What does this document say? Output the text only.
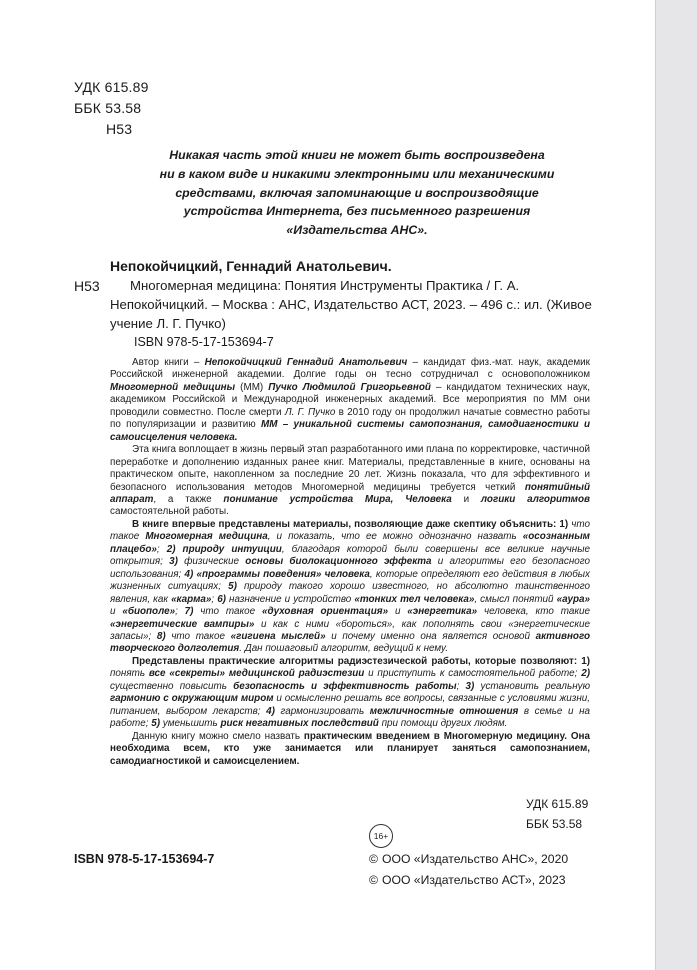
УДК 615.89
ББК 53.58
Н53
Никакая часть этой книги не может быть воспроизведена
ни в каком виде и никакими электронными или механическими
средствами, включая запоминающие и воспроизводящие
устройства Интернета, без письменного разрешения
«Издательства АНС».
Н53
Непокойчицкий, Геннадий Анатольевич.
Многомерная медицина: Понятия Инструменты Практика / Г. А. Непокойчицкий. – Москва : АНС, Издательство АСТ, 2023. – 496 с.: ил. (Живое учение Л. Г. Пучко)
ISBN 978-5-17-153694-7

Автор книги – Непокойчицкий Геннадий Анатольевич – кандидат физ.-мат. наук, академик Российской инженерной академии. Долгие годы он тесно сотрудничал с основоположником Многомерной медицины (ММ) Пучко Людмилой Григорьевной – кандидатом технических наук, академиком Российской и Международной инженерных академий. Все мероприятия по ММ они проводили совместно. После смерти Л. Г. Пучко в 2010 году он продолжил начатые совместно работы по популяризации и развитию ММ – уникальной системы самопознания, самодиагностики и самоисцеления человека.

Эта книга воплощает в жизнь первый этап разработанного ими плана по корректировке, частичной переработке и дополнению изданных ранее книг. Материалы, представленные в книге, основаны на практическом опыте, накопленном за последние 20 лет. Жизнь показала, что для эффективного и безопасного использования методов Многомерной медицины требуется четкий понятийный аппарат, а также понимание устройства Мира, Человека и логики алгоритмов самостоятельной работы.

В книге впервые представлены материалы, позволяющие даже скептику объяснить: 1) что такое Многомерная медицина, и показать, что ее можно однозначно назвать «осознанным плацебо»; 2) природу интуиции, благодаря которой были совершены все великие научные открытия; 3) физические основы биолокационного эффекта и алгоритмы его безопасного использования; 4) «программы поведения» человека, которые определяют его действия в любых жизненных ситуациях; 5) природу такого хорошо известного, но абсолютно таинственного явления, как «карма»; 6) назначение и устройство «тонких тел человека», смысл понятий «аура» и «биополе»; 7) что такое «духовная ориентация» и «энергетика» человека, кто такие «энергетические вампиры» и как с ними «бороться», как пополнять свои «энергетические запасы»; 8) что такое «гигиена мыслей» и почему именно она является основой активного творческого долголетия. Дан пошаговый алгоритм, ведущий к нему.

Представлены практические алгоритмы радиэстезической работы, которые позволяют: 1) понять все «секреты» медицинской радиэстезии и приступить к самостоятельной работе; 2) существенно повысить безопасность и эффективность работы; 3) установить реальную гармонию с окружающим миром и осмысленно решать все вопросы, связанные с условиями жизни, питанием, выбором лекарств; 4) гармонизировать межличностные отношения в семье и на работе; 5) уменьшить риск негативных последствий при помощи других людям.

Данную книгу можно смело назвать практическим введением в Многомерную медицину. Она необходима всем, кто уже занимается или планирует заняться самопознанием, самодиагностикой и самоисцелением.

УДК 615.89
ББК 53.58
16+
ISBN 978-5-17-153694-7	© ООО «Издательство АНС», 2020
© ООО «Издательство АСТ», 2023
